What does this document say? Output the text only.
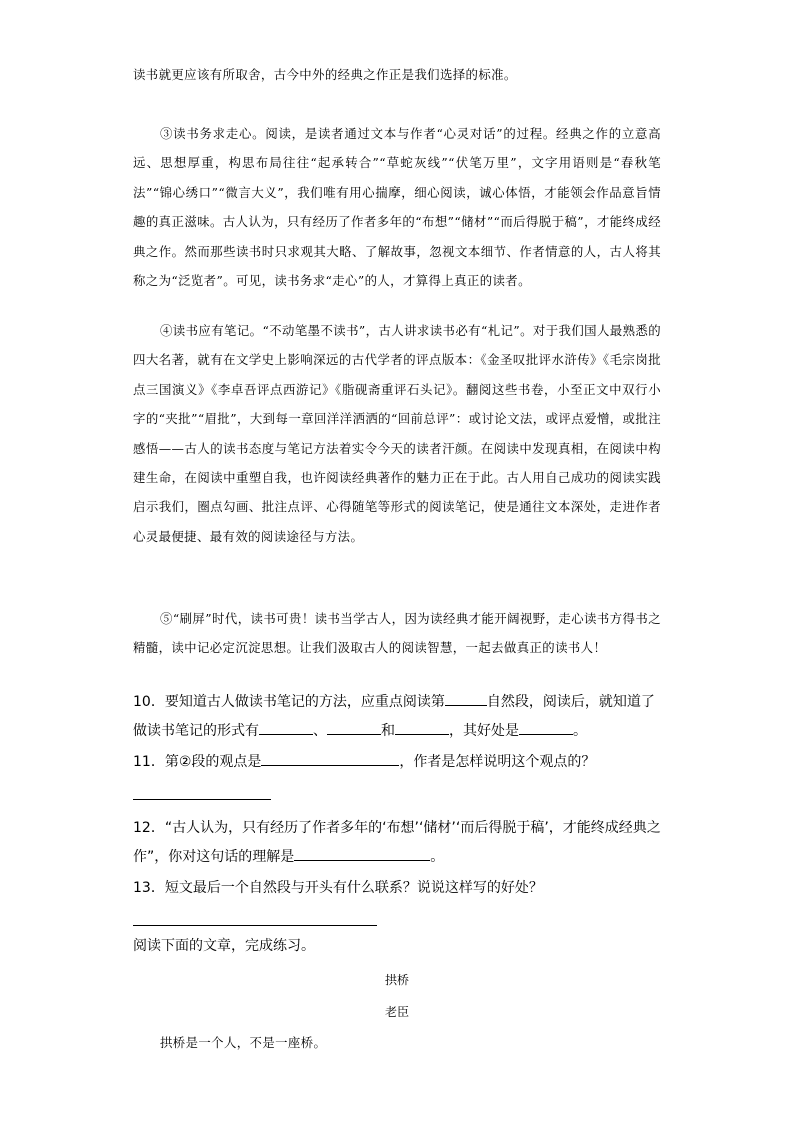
读书就更应该有所取舍，古今中外的经典之作正是我们选择的标准。
③读书务求走心。阅读，是读者通过文本与作者“心灵对话”的过程。经典之作的立意高远、思想厚重，构思布局往往“起承转合”“草蛇灰线”“伏笔万里”，文字用语则是“春秋笔法”“锦心绣口”“微言大义”，我们唯有用心揣摩，细心阅读，诚心体悟，才能领会作品意旨情趣的真正滋味。古人认为，只有经历了作者多年的“布想”“储材”“而后得脱于稿”，才能终成经典之作。然而那些读书时只求观其大略、了解故事，忽视文本细节、作者情意的人，古人将其称之为“泛览者”。可见，读书务求“走心”的人，才算得上真正的读者。
④读书应有笔记。“不动笔墨不读书”，古人讲求读书必有“札记”。对于我们国人最熟悉的四大名著，就有在文学史上影响深远的古代学者的评点版本：《金圣叹批评水浒传》《毛宗岗批点三国演义》《李卓吾评点西游记》《脂砚斋重评石头记》。翻阅这些书卷，小至正文中双行小字的“夹批”“眉批”，大到每一章回洋洋洒洒的“回前总评”：或讨论文法，或评点爱憎，或批注感悟——古人的读书态度与笔记方法着实令今天的读者汗颜。在阅读中发现真相，在阅读中构建生命，在阅读中重塑自我，也许阅读经典著作的魅力正在于此。古人用自己成功的阅读实践启示我们，圈点勾画、批注点评、心得随笔等形式的阅读笔记，使是通往文本深处，走进作者心灵最便捷、最有效的阅读途径与方法。
⑤“刷屏”时代，读书可贵！读书当学古人，因为读经典才能开阔视野，走心读书方得书之精髓，读中记必定沉淀思想。让我们汲取古人的阅读智慧，一起去做真正的读书人！
10．要知道古人做读书笔记的方法，应重点阅读第	自然段，阅读后，就知道了做读书笔记的形式有	、	和	，其好处是	。
11．第②段的观点是	，作者是怎样说明这个观点的？
12．“古人认为，只有经历了作者多年的‘布想’‘储材’‘而后得脱于稿’，才能终成经典之作”，你对这句话的理解是	。
13．短文最后一个自然段与开头有什么联系？说说这样写的好处？
阅读下面的文章，完成练习。
拱桥
老臣
拱桥是一个人，不是一座桥。
